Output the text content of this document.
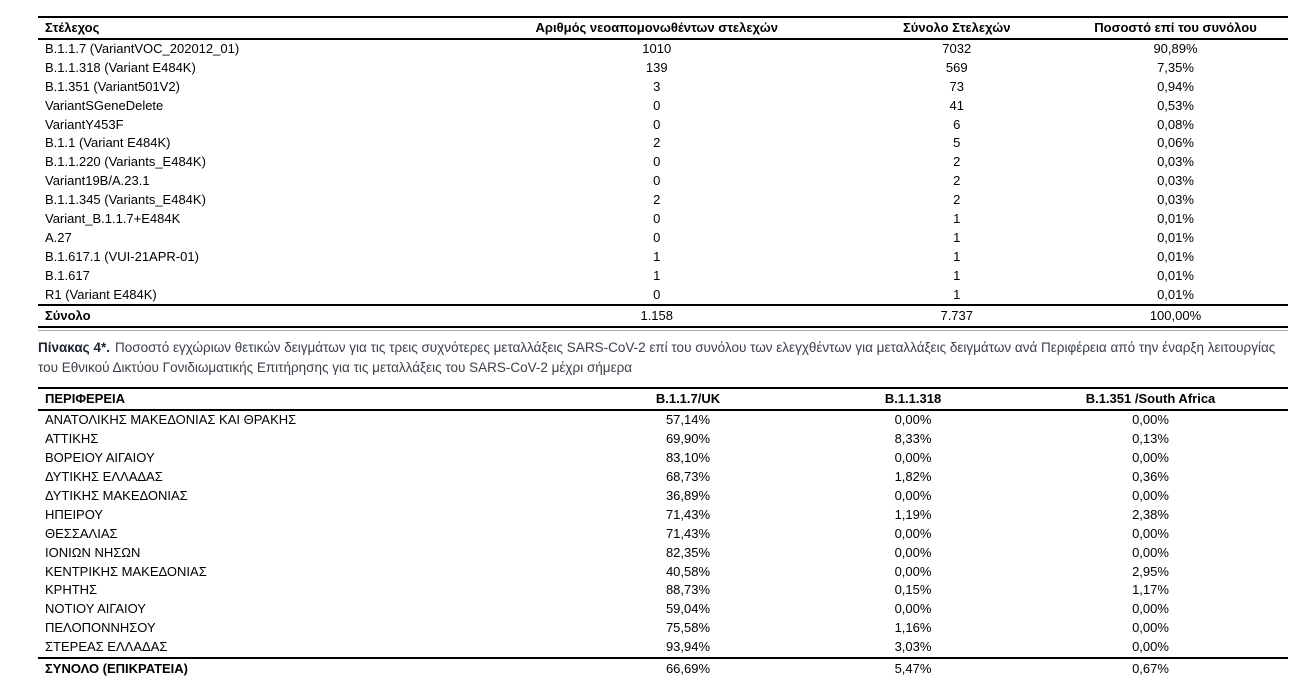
Στέλεχος	Αριθμός νεοαπομονωθέντων στελεχών	Σύνολο Στελεχών	Ποσοστό επί του συνόλου
B.1.1.7 (VariantVOC_202012_01)	1010	7032	90,89%
B.1.1.318 (Variant E484K)	139	569	7,35%
B.1.351 (Variant501V2)	3	73	0,94%
VariantSGeneDelete	0	41	0,53%
VariantY453F	0	6	0,08%
B.1.1 (Variant E484K)	2	5	0,06%
B.1.1.220 (Variants_E484K)	0	2	0,03%
Variant19B/A.23.1	0	2	0,03%
B.1.1.345 (Variants_E484K)	2	2	0,03%
Variant_B.1.1.7+E484K	0	1	0,01%
A.27	0	1	0,01%
B.1.617.1 (VUI-21APR-01)	1	1	0,01%
B.1.617	1	1	0,01%
R1 (Variant E484K)	0	1	0,01%
Σύνολο	1.158	7.737	100,00%

Πίνακας 4*. Ποσοστό εγχώριων θετικών δειγμάτων για τις τρεις συχνότερες μεταλλάξεις SARS-CoV-2 επί του συνόλου των ελεγχθέντων για μεταλλάξεις δειγμάτων ανά Περιφέρεια από την έναρξη λειτουργίας του Εθνικού Δικτύου Γονιδιωματικής Επιτήρησης για τις μεταλλάξεις του SARS-CoV-2 μέχρι σήμερα

ΠΕΡΙΦΕΡΕΙΑ	B.1.1.7/UK	B.1.1.318	B.1.351 /South Africa
ΑΝΑΤΟΛΙΚΗΣ ΜΑΚΕΔΟΝΙΑΣ ΚΑΙ ΘΡΑΚΗΣ	57,14%	0,00%	0,00%
ΑΤΤΙΚΗΣ	69,90%	8,33%	0,13%
ΒΟΡΕΙΟΥ ΑΙΓΑΙΟΥ	83,10%	0,00%	0,00%
ΔΥΤΙΚΗΣ ΕΛΛΑΔΑΣ	68,73%	1,82%	0,36%
ΔΥΤΙΚΗΣ ΜΑΚΕΔΟΝΙΑΣ	36,89%	0,00%	0,00%
ΗΠΕΙΡΟΥ	71,43%	1,19%	2,38%
ΘΕΣΣΑΛΙΑΣ	71,43%	0,00%	0,00%
ΙΟΝΙΩΝ ΝΗΣΩΝ	82,35%	0,00%	0,00%
ΚΕΝΤΡΙΚΗΣ ΜΑΚΕΔΟΝΙΑΣ	40,58%	0,00%	2,95%
ΚΡΗΤΗΣ	88,73%	0,15%	1,17%
ΝΟΤΙΟΥ ΑΙΓΑΙΟΥ	59,04%	0,00%	0,00%
ΠΕΛΟΠΟΝΝΗΣΟΥ	75,58%	1,16%	0,00%
ΣΤΕΡΕΑΣ ΕΛΛΑΔΑΣ	93,94%	3,03%	0,00%
ΣΥΝΟΛΟ (ΕΠΙΚΡΑΤΕΙΑ)	66,69%	5,47%	0,67%
